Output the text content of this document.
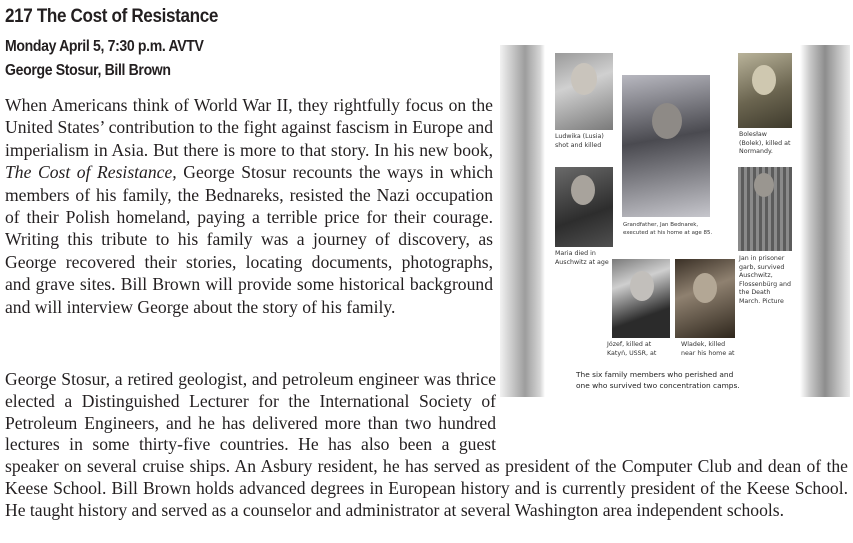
217 The Cost of Resistance
Monday April 5, 7:30 p.m. AVTV
George Stosur, Bill Brown

When Americans think of World War II, they rightfully focus on the United States’ contribution to the fight against fascism in Europe and imperialism in Asia. But there is more to that story. In his new book, The Cost of Resistance, George Stosur recounts the ways in which members of his family, the Bednareks, resisted the Nazi occupation of their Polish homeland, paying a terrible price for their courage. Writing this tribute to his family was a journey of discovery, as George recovered their stories, locating documents, photographs, and grave sites. Bill Brown will provide some historical background and will interview George about the story of his family.

Ludwika (Lusia)
shot and killed
Grandfather, Jan Bednarek,
executed at his home at age 85.
Bolesław
(Bolek), killed at
Normandy.
Maria died in
Auschwitz at age
Jan in prisoner
garb, survived
Auschwitz,
Flossenbürg and
the Death
March. Picture
Józef, killed at
Katyń, USSR, at
Wladek, killed
near his home at
The six family members who perished and
one who survived two concentration camps.
George Stosur, a retired geologist, and petroleum engineer was thrice elected a Distinguished Lecturer for the International Society of Petroleum Engineers, and he has delivered more than two hundred lectures in some thirty-five countries. He has also been a guest speaker on several cruise ships. An Asbury resident, he has served as president of the Computer Club and dean of the Keese School. Bill Brown holds advanced degrees in European history and is currently president of the Keese School. He taught history and served as a counselor and administrator at several Washington area independent schools.
